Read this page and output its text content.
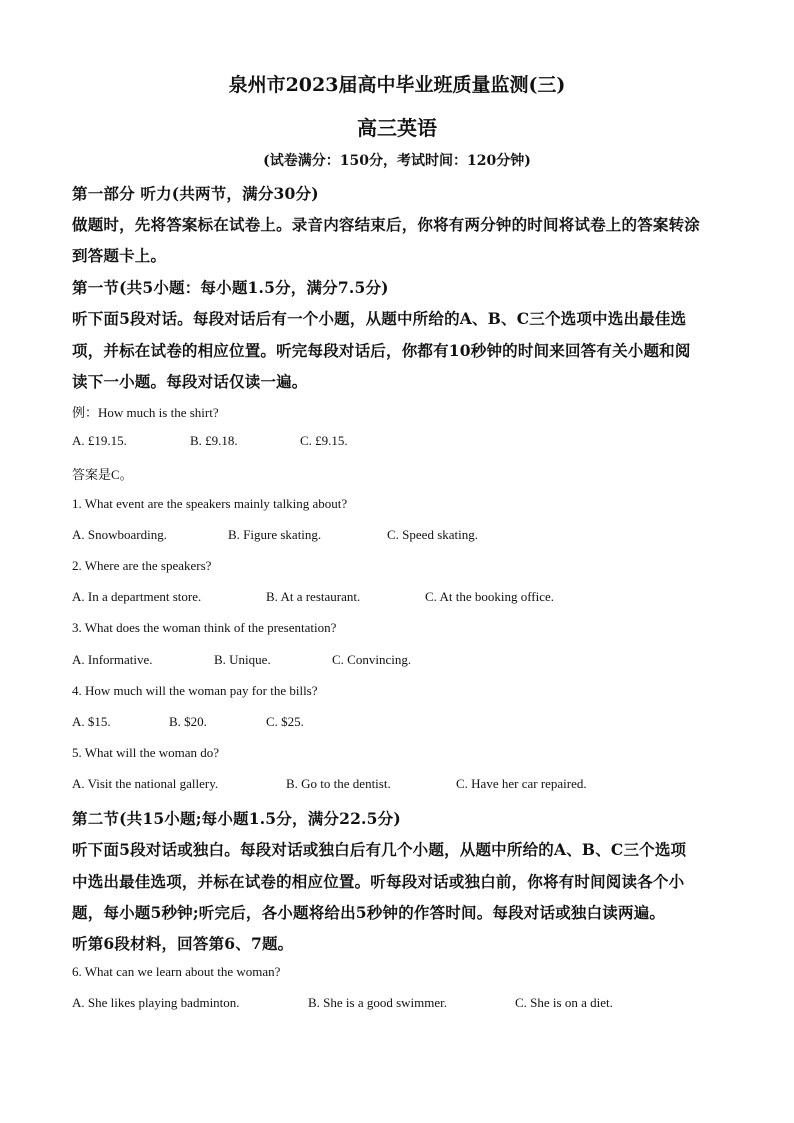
泉州市2023届高中毕业班质量监测(三)
高三英语
(试卷满分：150分，考试时间：120分钟)
第一部分 听力(共两节，满分30分)
做题时，先将答案标在试卷上。录音内容结束后，你将有两分钟的时间将试卷上的答案转涂
到答题卡上。
第一节(共5小题：每小题1.5分，满分7.5分)
听下面5段对话。每段对话后有一个小题，从题中所给的A、B、C三个选项中选出最佳选
项，并标在试卷的相应位置。听完每段对话后，你都有10秒钟的时间来回答有关小题和阅
读下一小题。每段对话仅读一遍。
例：How much is the shirt?
A. £19.15.	B. £9.18.	C. £9.15.
答案是C。
1. What event are the speakers mainly talking about?
A. Snowboarding.	B. Figure skating.	C. Speed skating.
2. Where are the speakers?
A. In a department store.	B. At a restaurant.	C. At the booking office.
3. What does the woman think of the presentation?
A. Informative.	B. Unique.	C. Convincing.
4. How much will the woman pay for the bills?
A. $15.	B. $20.	C. $25.
5. What will the woman do?
A. Visit the national gallery.	B. Go to the dentist.	C. Have her car repaired.
第二节(共15小题;每小题1.5分，满分22.5分)
听下面5段对话或独白。每段对话或独白后有几个小题，从题中所给的A、B、C三个选项
中选出最佳选项，并标在试卷的相应位置。听每段对话或独白前，你将有时间阅读各个小
题，每小题5秒钟;听完后，各小题将给出5秒钟的作答时间。每段对话或独白读两遍。
听第6段材料，回答第6、7题。
6. What can we learn about the woman?
A. She likes playing badminton.	B. She is a good swimmer.	C. She is on a diet.
